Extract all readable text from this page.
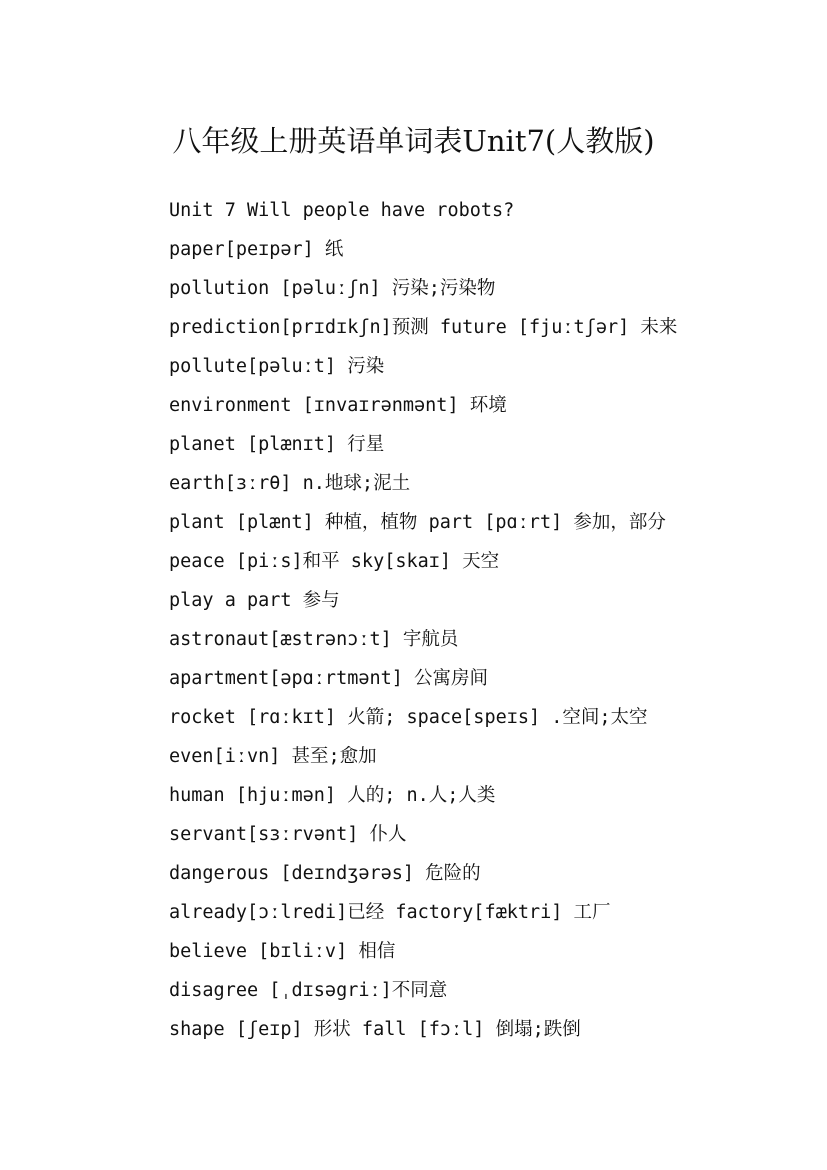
八年级上册英语单词表Unit7(人教版)
Unit 7 Will people have robots?
paper[peɪpər] 纸
pollution [pəluːʃn] 污染;污染物
prediction[prɪdɪkʃn]预测 future [fjuːtʃər] 未来
pollute[pəluːt] 污染
environment [ɪnvaɪrənmənt] 环境
planet [plænɪt] 行星
earth[ɜːrθ] n.地球;泥土
plant [plænt] 种植，植物 part [pɑːrt] 参加，部分
peace [piːs]和平 sky[skaɪ] 天空
play a part 参与
astronaut[æstrənɔːt] 宇航员
apartment[əpɑːrtmənt] 公寓房间
rocket [rɑːkɪt] 火箭; space[speɪs] .空间;太空
even[iːvn] 甚至;愈加
human [hjuːmən] 人的; n.人;人类
servant[sɜːrvənt] 仆人
dangerous [deɪndʒərəs] 危险的
already[ɔːlredi]已经 factory[fæktri] 工厂
believe [bɪliːv] 相信
disagree [ˌdɪsəgriː]不同意
shape [ʃeɪp] 形状 fall [fɔːl] 倒塌;跌倒
